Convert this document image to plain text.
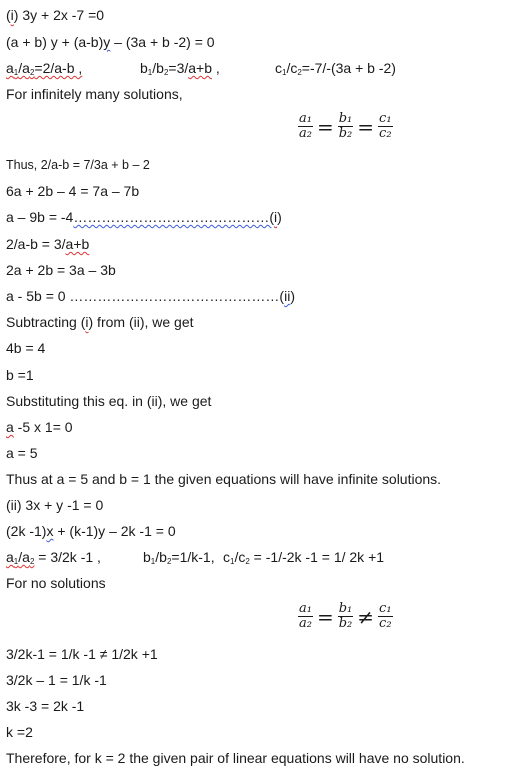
(i) 3y + 2x -7 =0
(a + b) y + (a-b)y – (3a + b -2) = 0
$a_1/a_2=2/a-b$ ,	$b_1/b_2=3/a+b$ ,	$c_1/c_2=-7/-(3a + b$ -2)
For infinitely many solutions,
$\frac{\text{a₁}}{\text{a₂}} = \frac{\text{b₁}}{\text{b₂}} = \frac{\text{c₁}}{\text{c₂}}$
Thus, 2/a-b = 7/3a + b – 2
6a + 2b – 4 = 7a – 7b
a – 9b = -4……………………………………(i)
2/a-b = 3/a+b
2a + 2b = 3a – 3b
a - 5b = 0 ………………………………………(ii)
Subtracting (i) from (ii), we get
4b = 4
b =1
Substituting this eq. in (ii), we get
a -5 x 1= 0
a = 5
Thus at a = 5 and b = 1 the given equations will have infinite solutions.
(ii) 3x + y -1 = 0
(2k -1)x + (k-1)y – 2k -1 = 0
$a_1/a_2 = 3/2k$ -1 ,	$b_1/b_2=1/k-1$, $c_1/c_2 = -1/-2k$ -1 = 1/ 2k +1
For no solutions
$\frac{\text{a₁}}{\text{a₂}} = \frac{\text{b₁}}{\text{b₂}} \ne \frac{\text{c₁}}{\text{c₂}}$
3/2k-1 = 1/k -1 ≠ 1/2k +1
3/2k – 1 = 1/k -1
3k -3 = 2k -1
k =2
Therefore, for k = 2 the given pair of linear equations will have no solution.
